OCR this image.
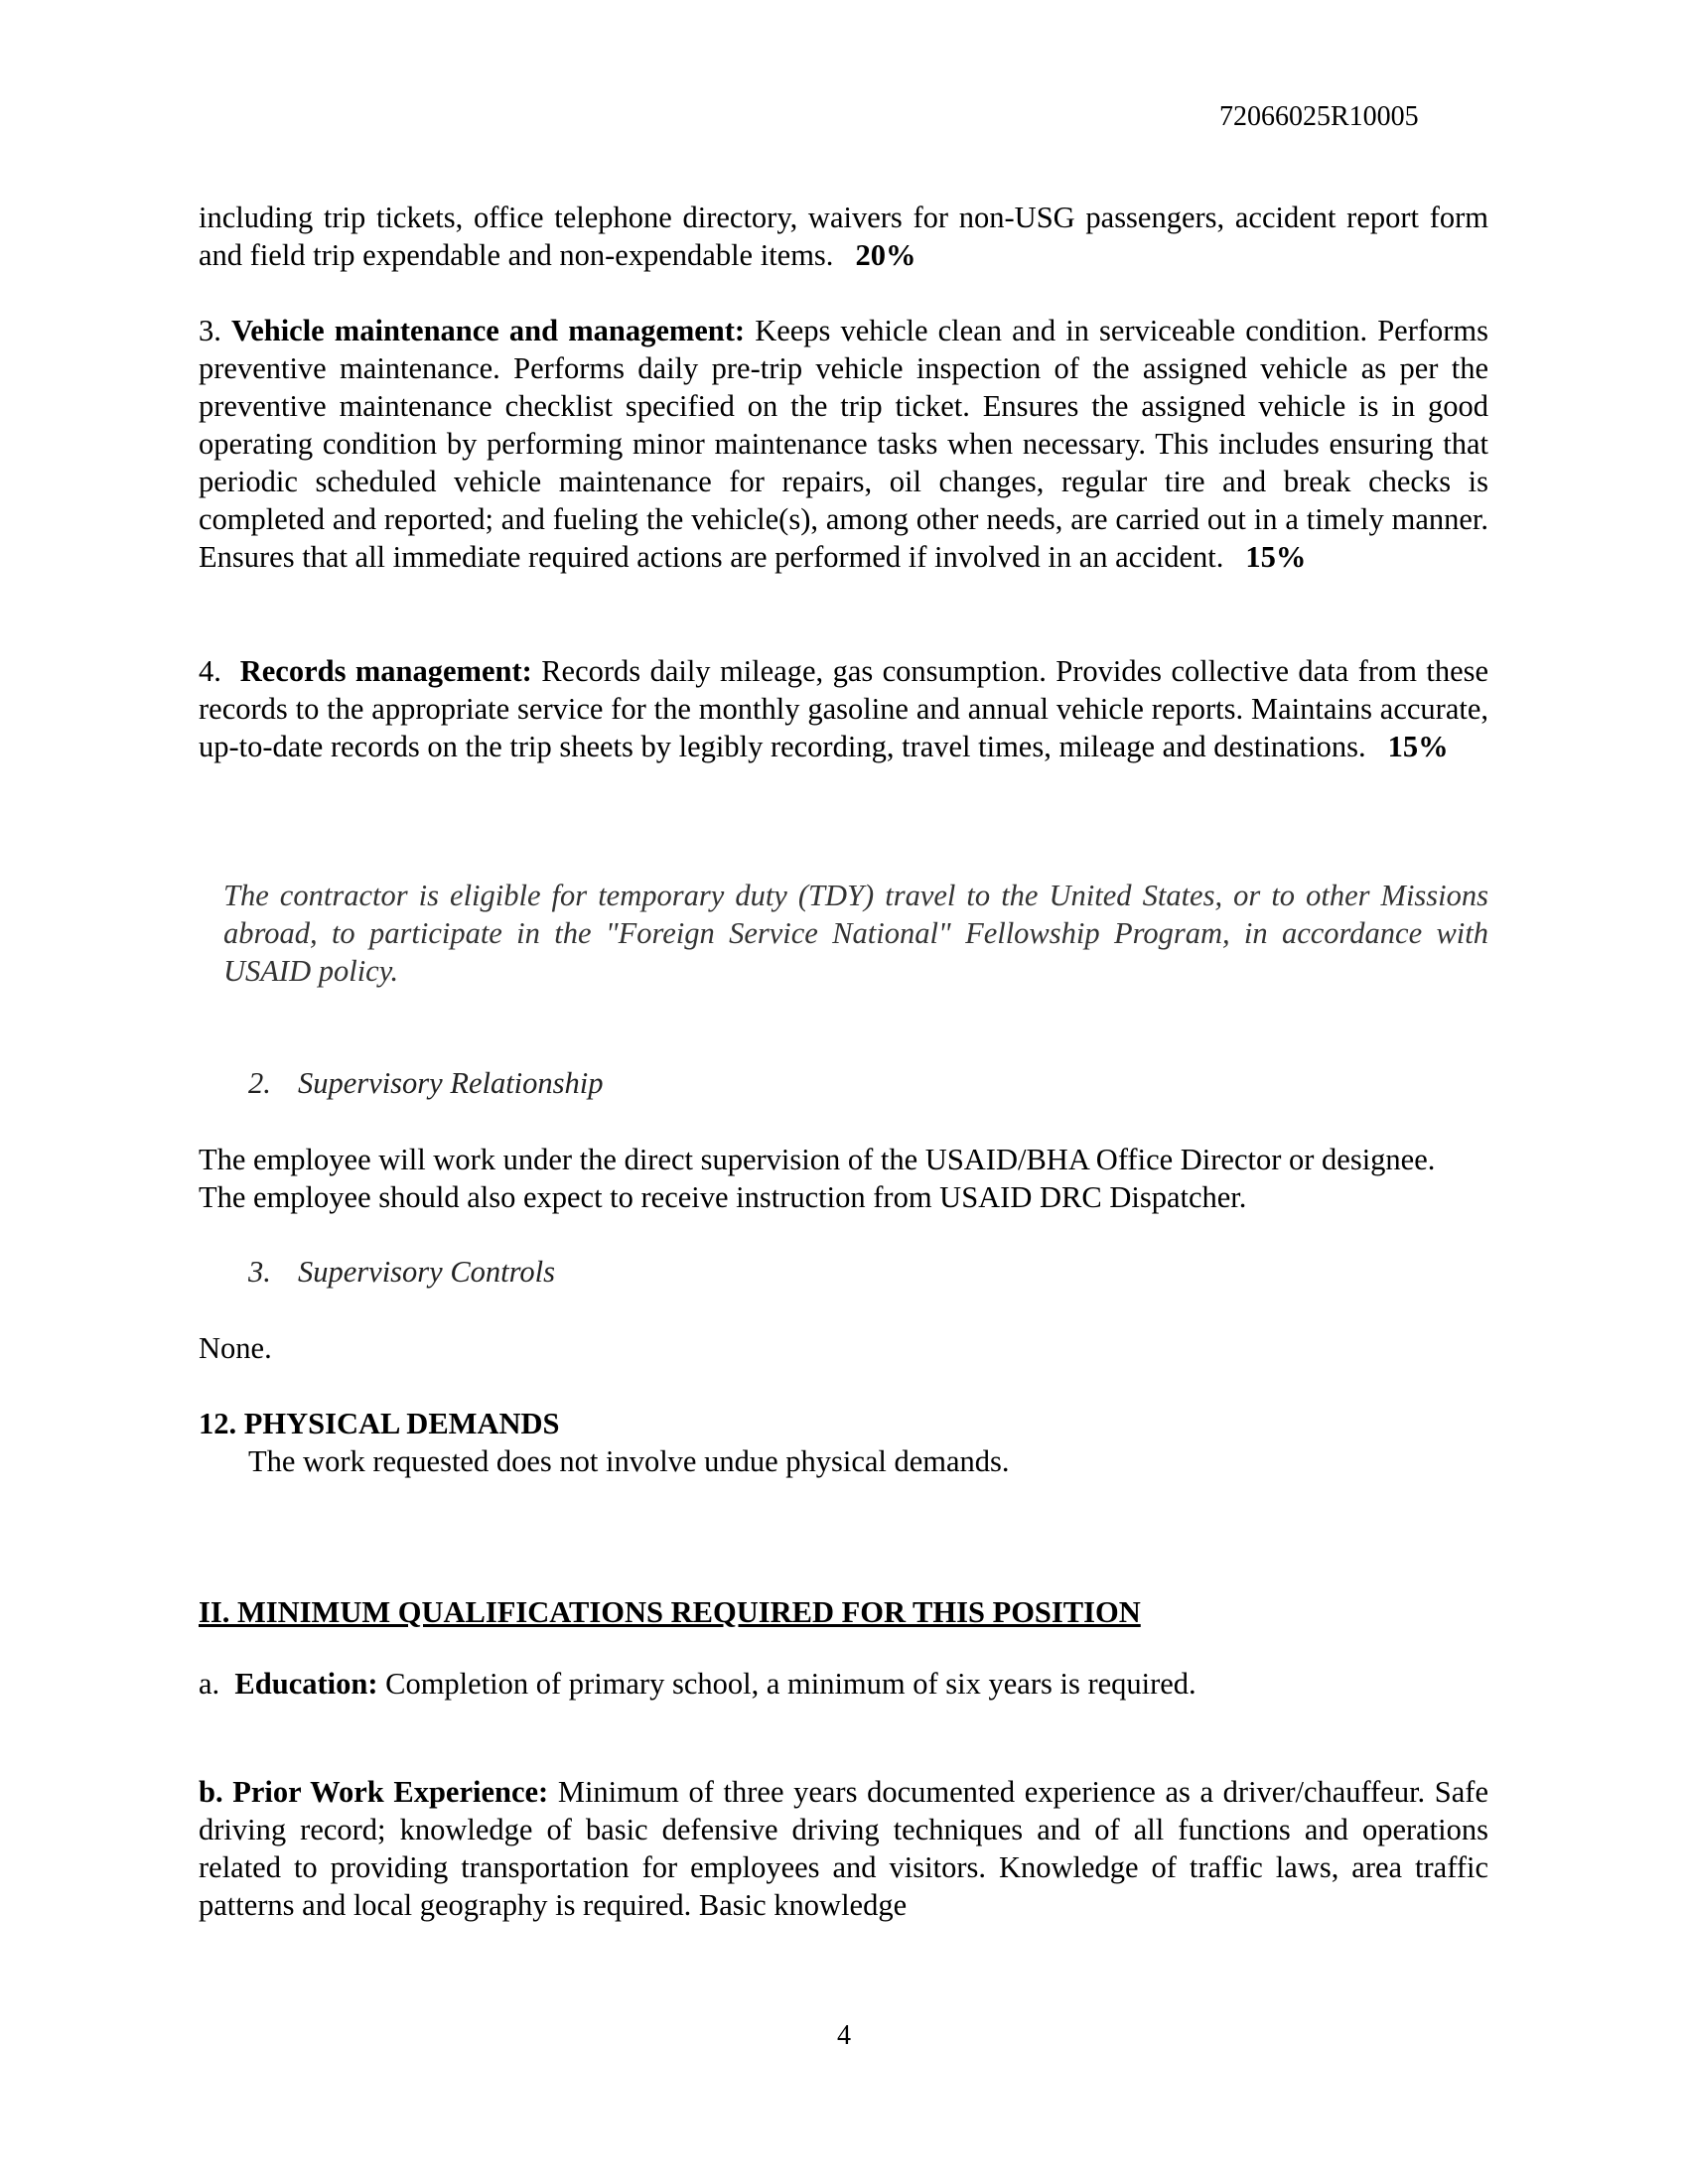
72066025R10005
including trip tickets, office telephone directory, waivers for non-USG passengers, accident report form and field trip expendable and non-expendable items. 20%
3. Vehicle maintenance and management: Keeps vehicle clean and in serviceable condition. Performs preventive maintenance. Performs daily pre-trip vehicle inspection of the assigned vehicle as per the preventive maintenance checklist specified on the trip ticket. Ensures the assigned vehicle is in good operating condition by performing minor maintenance tasks when necessary. This includes ensuring that periodic scheduled vehicle maintenance for repairs, oil changes, regular tire and break checks is completed and reported; and fueling the vehicle(s), among other needs, are carried out in a timely manner. Ensures that all immediate required actions are performed if involved in an accident. 15%
4. Records management: Records daily mileage, gas consumption. Provides collective data from these records to the appropriate service for the monthly gasoline and annual vehicle reports. Maintains accurate, up-to-date records on the trip sheets by legibly recording, travel times, mileage and destinations. 15%
The contractor is eligible for temporary duty (TDY) travel to the United States, or to other Missions abroad, to participate in the "Foreign Service National" Fellowship Program, in accordance with USAID policy.
2. Supervisory Relationship
The employee will work under the direct supervision of the USAID/BHA Office Director or designee. The employee should also expect to receive instruction from USAID DRC Dispatcher.
3. Supervisory Controls
None.
12. PHYSICAL DEMANDS
The work requested does not involve undue physical demands.
II. MINIMUM QUALIFICATIONS REQUIRED FOR THIS POSITION
a. Education: Completion of primary school, a minimum of six years is required.
b. Prior Work Experience: Minimum of three years documented experience as a driver/chauffeur. Safe driving record; knowledge of basic defensive driving techniques and of all functions and operations related to providing transportation for employees and visitors. Knowledge of traffic laws, area traffic patterns and local geography is required. Basic knowledge
4
